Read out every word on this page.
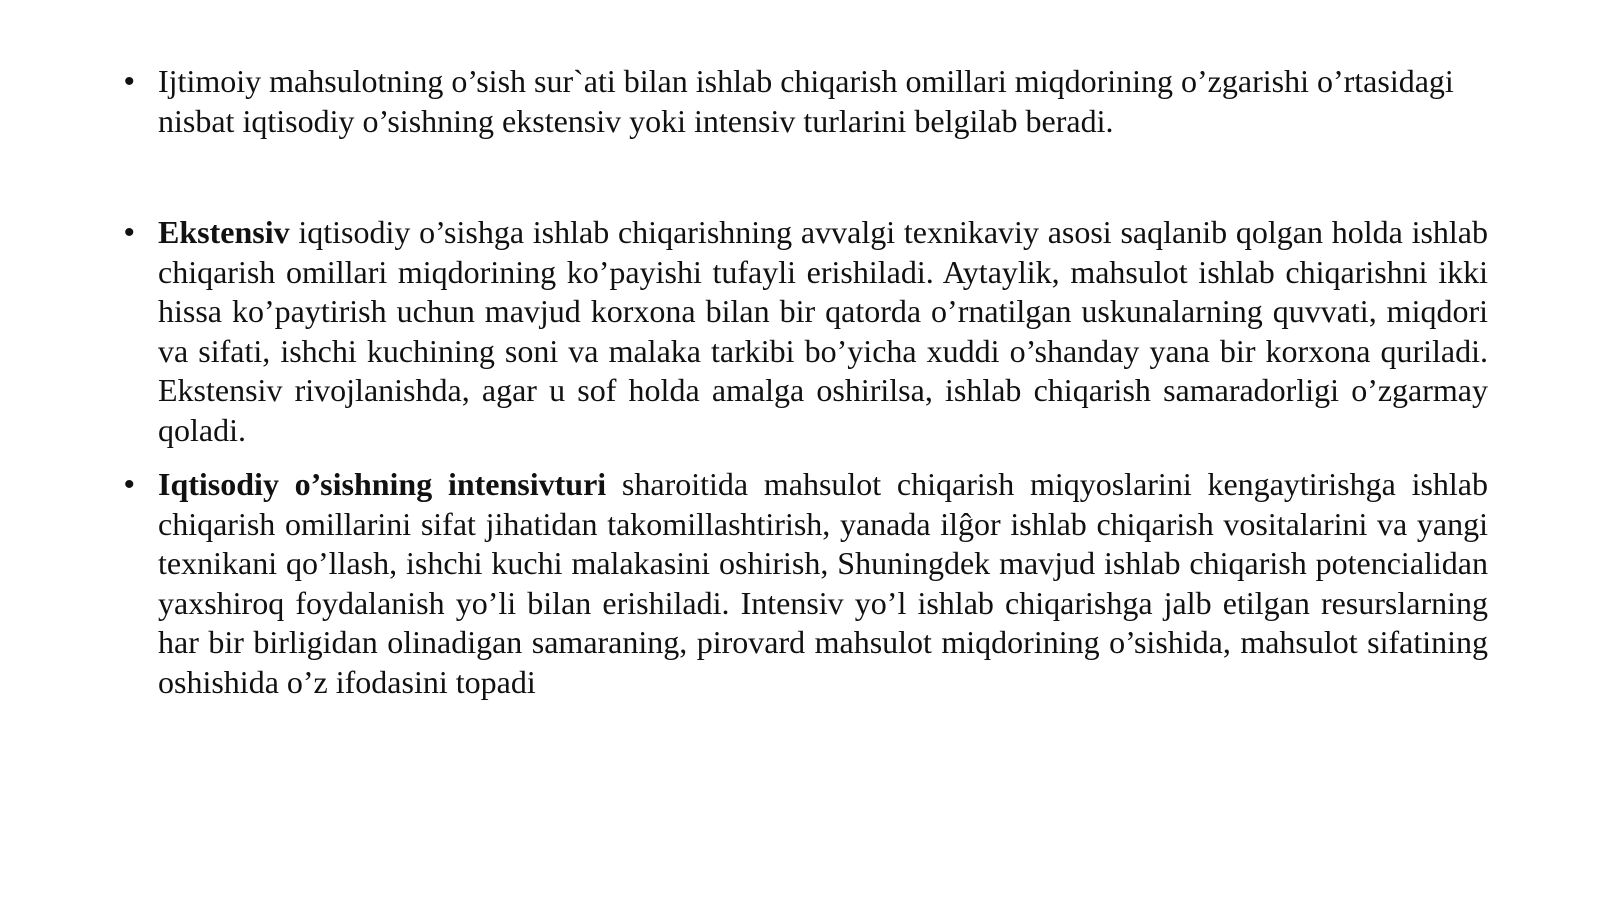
• Ijtimoiy mahsulotning o’sish sur`ati bilan ishlab chiqarish omillari miqdorining o’zgarishi o’rtasidagi nisbat iqtisodiy o’sishning ekstensiv yoki intensiv turlarini belgilab beradi.
• Ekstensiv iqtisodiy o’sishga ishlab chiqarishning avvalgi texnikaviy asosi saqlanib qolgan holda ishlab chiqarish omillari miqdorining ko’payishi tufayli erishiladi. Aytaylik, mahsulot ishlab chiqarishni ikki hissa ko’paytirish uchun mavjud korxona bilan bir qatorda o’rnatilgan uskunalarning quvvati, miqdori va sifati, ishchi kuchining soni va malaka tarkibi bo’yicha xuddi o’shanday yana bir korxona quriladi. Ekstensiv rivojlanishda, agar u sof holda amalga oshirilsa, ishlab chiqarish samaradorligi o’zgarmay qoladi.
• Iqtisodiy o’sishning intensivturi sharoitida mahsulot chiqarish miqyoslarini kengaytirishga ishlab chiqarish omillarini sifat jihatidan takomillashtirish, yanada ilĝor ishlab chiqarish vositalarini va yangi texnikani qo’llash, ishchi kuchi malakasini oshirish, Shuningdek mavjud ishlab chiqarish potencialidan yaxshiroq foydalanish yo’li bilan erishiladi. Intensiv yo’l ishlab chiqarishga jalb etilgan resurslarning har bir birligidan olinadigan samaraning, pirovard mahsulot miqdorining o’sishida, mahsulot sifatining oshishida o’z ifodasini topadi
